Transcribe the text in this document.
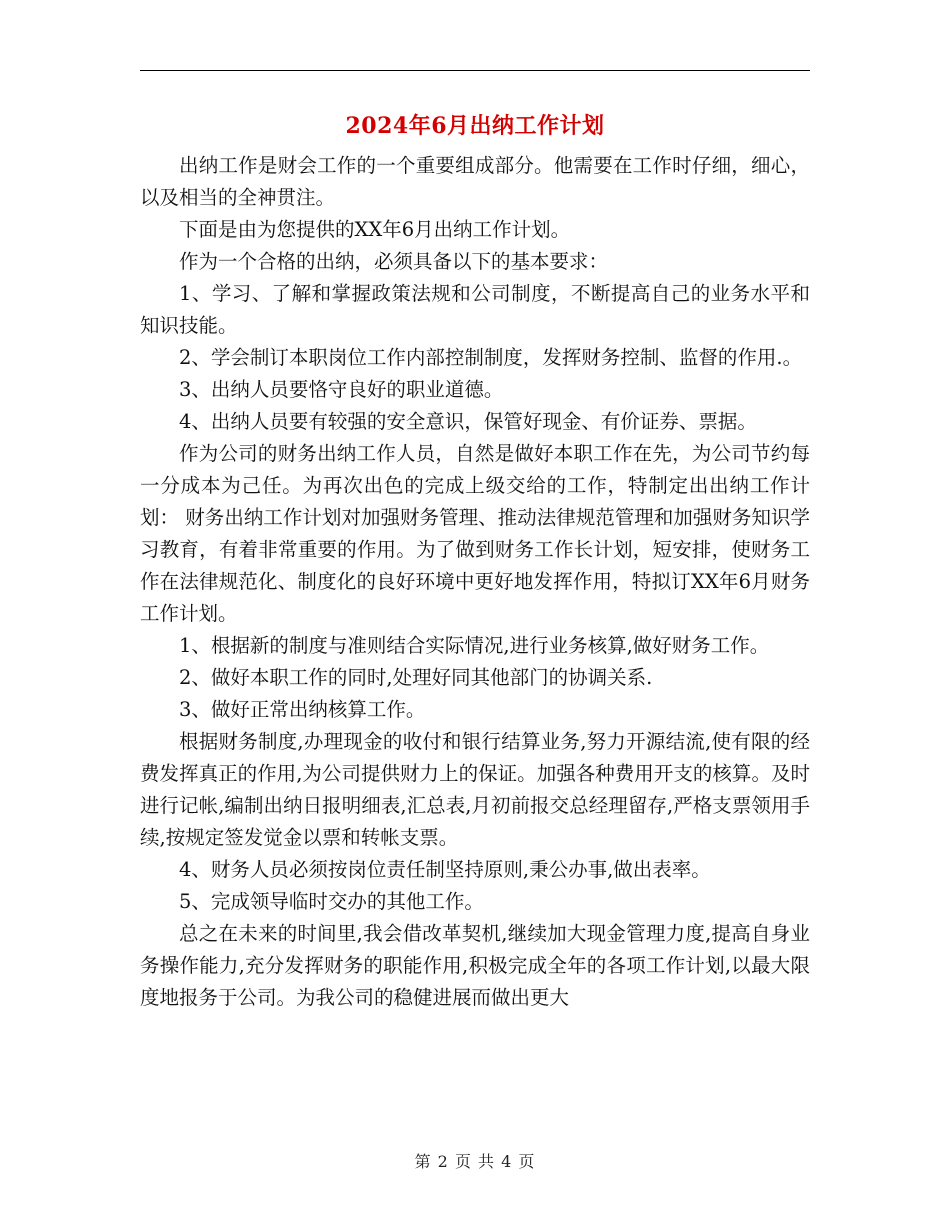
2024年6月出纳工作计划

出纳工作是财会工作的一个重要组成部分。他需要在工作时仔细，细心，以及相当的全神贯注。

下面是由为您提供的XX年6月出纳工作计划。

作为一个合格的出纳，必须具备以下的基本要求：

1、学习、了解和掌握政策法规和公司制度，不断提高自己的业务水平和知识技能。

2、学会制订本职岗位工作内部控制制度，发挥财务控制、监督的作用.。

3、出纳人员要恪守良好的职业道德。

4、出纳人员要有较强的安全意识，保管好现金、有价证券、票据。

作为公司的财务出纳工作人员，自然是做好本职工作在先，为公司节约每一分成本为己任。为再次出色的完成上级交给的工作，特制定出出纳工作计划： 财务出纳工作计划对加强财务管理、推动法律规范管理和加强财务知识学习教育，有着非常重要的作用。为了做到财务工作长计划，短安排，使财务工作在法律规范化、制度化的良好环境中更好地发挥作用，特拟订XX年6月财务工作计划。

1、根据新的制度与准则结合实际情况,进行业务核算,做好财务工作。

2、做好本职工作的同时,处理好同其他部门的协调关系.

3、做好正常出纳核算工作。

根据财务制度,办理现金的收付和银行结算业务,努力开源结流,使有限的经费发挥真正的作用,为公司提供财力上的保证。加强各种费用开支的核算。及时进行记帐,编制出纳日报明细表,汇总表,月初前报交总经理留存,严格支票领用手续,按规定签发觉金以票和转帐支票。

4、财务人员必须按岗位责任制坚持原则,秉公办事,做出表率。

5、完成领导临时交办的其他工作。

总之在未来的时间里,我会借改革契机,继续加大现金管理力度,提高自身业务操作能力,充分发挥财务的职能作用,积极完成全年的各项工作计划,以最大限度地报务于公司。为我公司的稳健进展而做出更大

第 2 页 共 4 页
